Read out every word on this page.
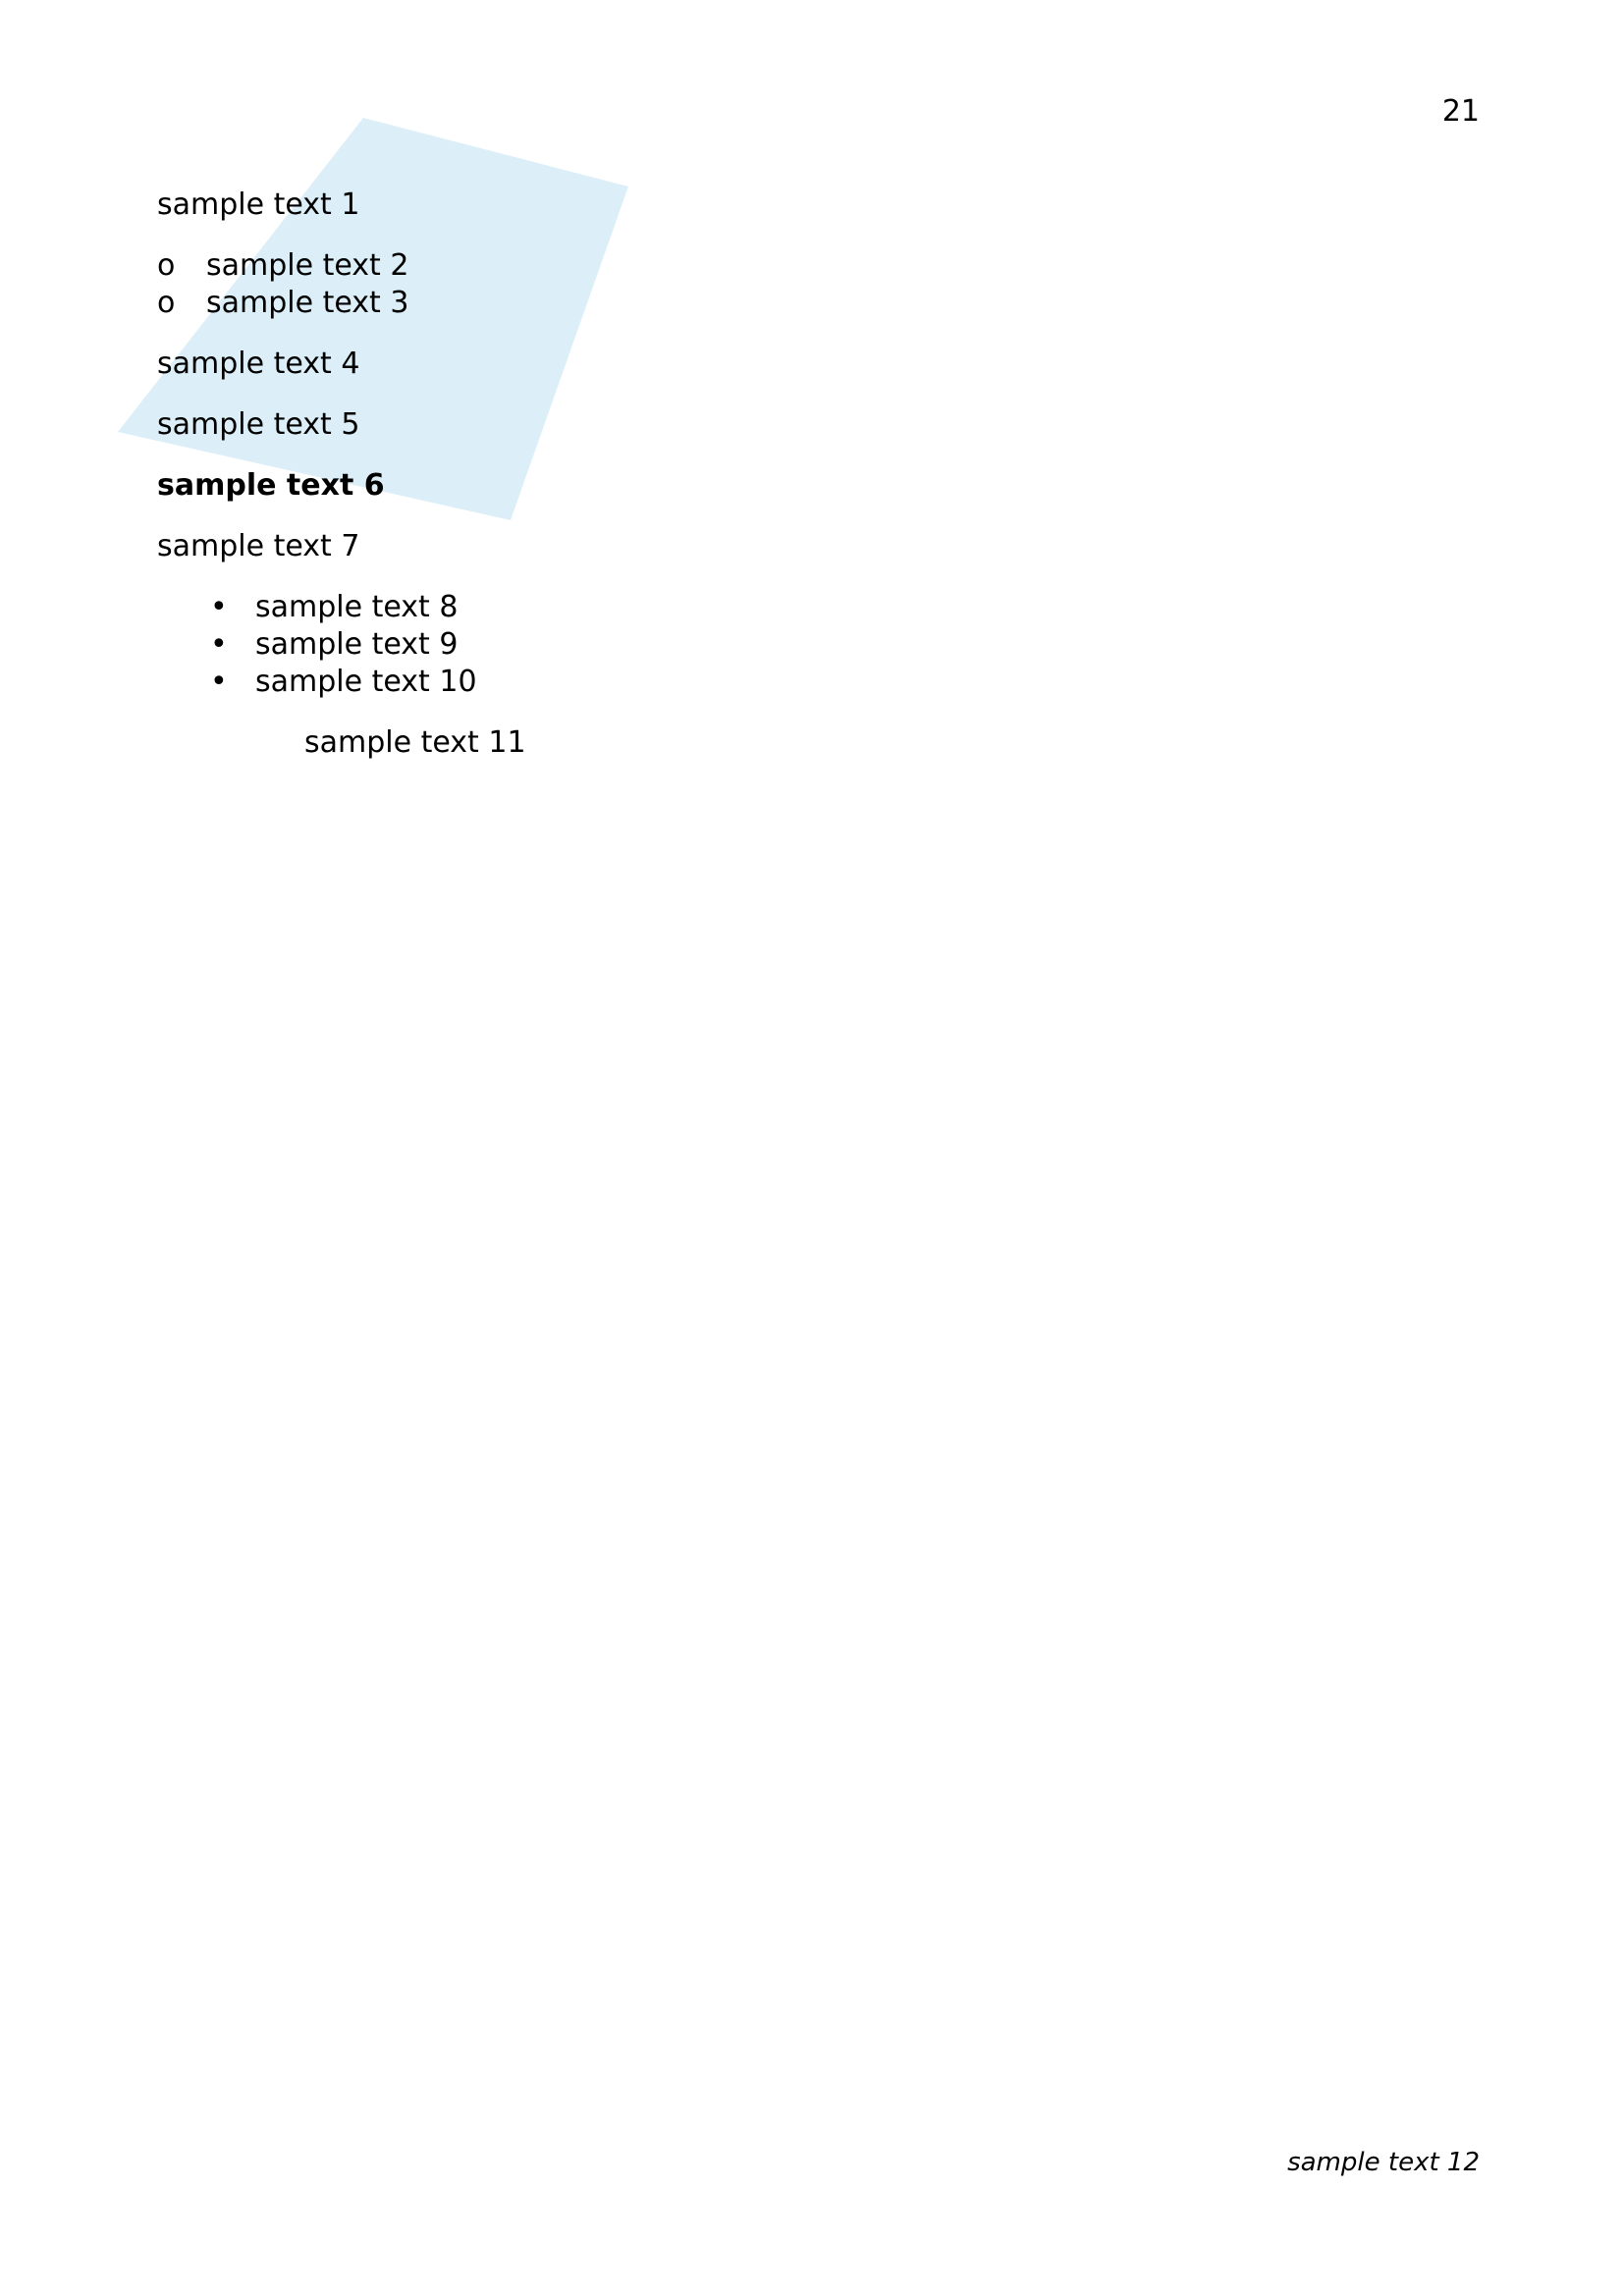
21

sample text 1

o sample text 2
o sample text 3

sample text 4

sample text 5

sample text 6

sample text 7

• sample text 8
• sample text 9
• sample text 10

sample text 11

sample text 12
